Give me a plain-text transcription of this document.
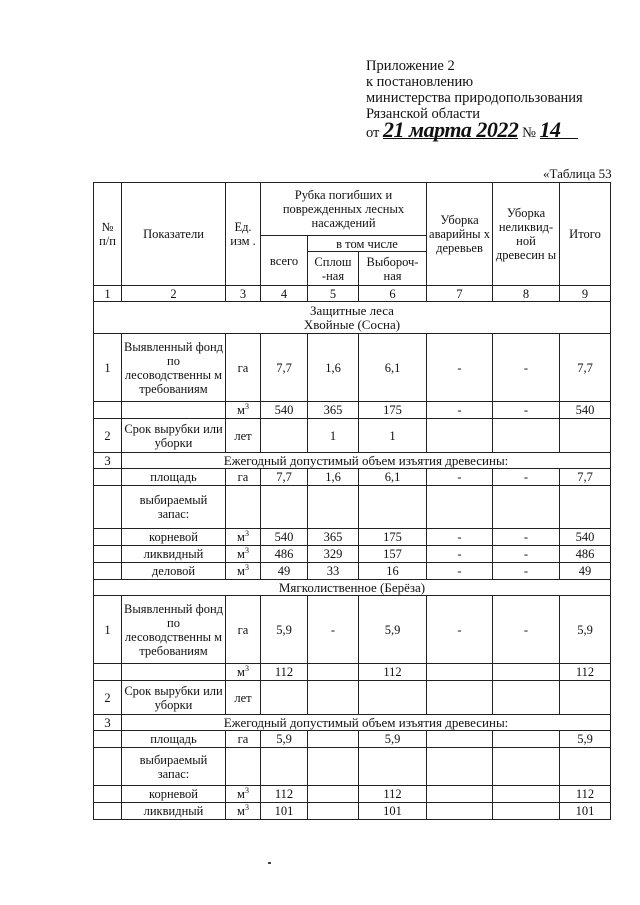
Приложение 2
к постановлению
министерства природопользования
Рязанской области
от 21 марта 2022 № 14
«Таблица 53
№ п/п	Показатели	Ед. изм .	Рубка погибших и поврежденных лесных насаждений			Уборка аварийны х деревьев	Уборка неликвид- ной древесин ы	Итого
			всего	в том числе				
				Сплош -ная	Выбороч- ная			
1	2	3	4	5	6	7	8	9

Защитные леса
Хвойные (Сосна)								

1	Выявленный фонд по лесоводственны м требованиям	га	7,7	1,6	6,1	-	-	7,7
		$м^3$	540	365	175	-	-	540
2	Срок вырубки или уборки	лет		1	1			
3	Ежегодный допустимый объем изъятия древесины:							
	площадь	га	7,7	1,6	6,1	-	-	7,7
	выбираемый запас:							
	корневой	$м^3$	540	365	175	-	-	540
	ликвидный	$м^3$	486	329	157	-	-	486
	деловой	$м^3$	49	33	16	-	-	49
Мягколиственное (Берёза)								
1	Выявленный фонд по лесоводственны м требованиям	га	5,9	-	5,9	-	-	5,9
		$м^3$	112		112			112
2	Срок вырубки или уборки	лет						
3	Ежегодный допустимый объем изъятия древесины:							
	площадь	га	5,9		5,9			5,9
	выбираемый запас:							
	корневой	$м^3$	112		112			112
	ликвидный	$м^3$	101		101			101
